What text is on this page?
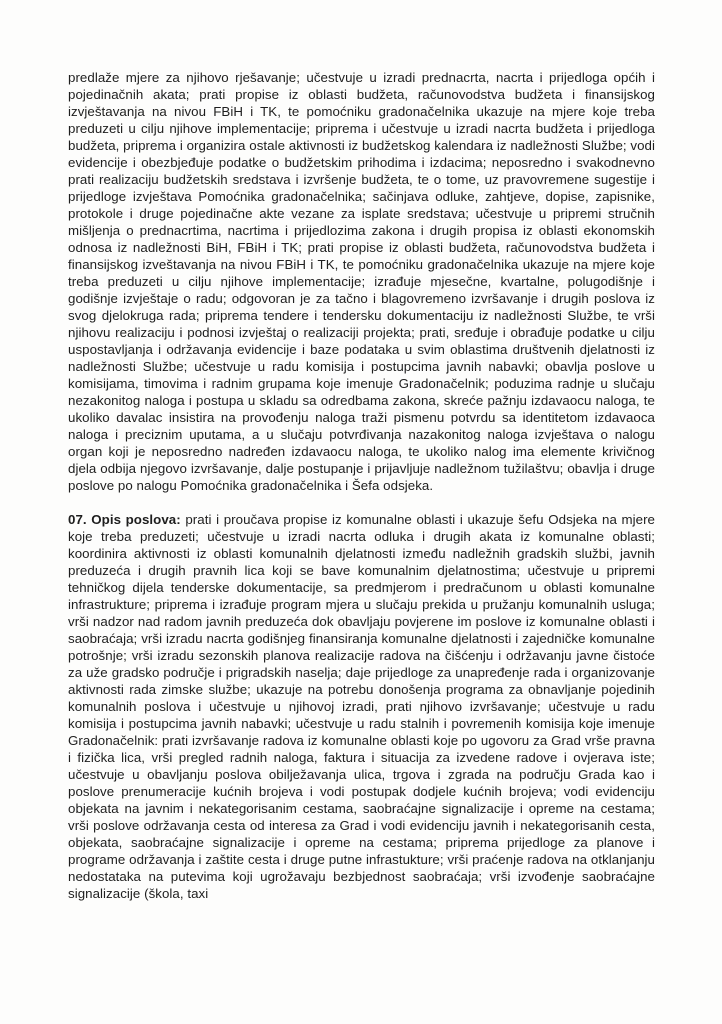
predlaže mjere za njihovo rješavanje; učestvuje u izradi prednacrta, nacrta i prijedloga općih i pojedinačnih akata; prati propise iz oblasti budžeta, računovodstva budžeta i finansijskog izvještavanja na nivou FBiH i TK, te pomoćniku gradonačelnika ukazuje na mjere koje treba preduzeti u cilju njihove implementacije; priprema i učestvuje u izradi nacrta budžeta i prijedloga budžeta, priprema i organizira ostale aktivnosti iz budžetskog kalendara iz nadležnosti Službe; vodi evidencije i obezbjeđuje podatke o budžetskim prihodima i izdacima; neposredno i svakodnevno prati realizaciju budžetskih sredstava i izvršenje budžeta, te o tome, uz pravovremene sugestije i prijedloge izvještava Pomoćnika gradonačelnika; sačinjava odluke, zahtjeve, dopise, zapisnike, protokole i druge pojedinačne akte vezane za isplate sredstava; učestvuje u pripremi stručnih mišljenja o prednacrtima, nacrtima i prijedlozima zakona i drugih propisa iz oblasti ekonomskih odnosa iz nadležnosti BiH, FBiH i TK; prati propise iz oblasti budžeta, računovodstva budžeta i finansijskog izveštavanja na nivou FBiH i TK, te pomoćniku gradonačelnika ukazuje na mjere koje treba preduzeti u cilju njihove implementacije; izrađuje mjesečne, kvartalne, polugodišnje i godišnje izvještaje o radu; odgovoran je za tačno i blagovremeno izvršavanje i drugih poslova iz svog djelokruga rada; priprema tendere i tendersku dokumentaciju iz nadležnosti Službe, te vrši njihovu realizaciju i podnosi izvještaj o realizaciji projekta; prati, sređuje i obrađuje podatke u cilju uspostavljanja i održavanja evidencije i baze podataka u svim oblastima društvenih djelatnosti iz nadležnosti Službe; učestvuje u radu komisija i postupcima javnih nabavki; obavlja poslove u komisijama, timovima i radnim grupama koje imenuje Gradonačelnik; poduzima radnje u slučaju nezakonitog naloga i postupa u skladu sa odredbama zakona, skreće pažnju izdavaocu naloga, te ukoliko davalac insistira na provođenju naloga traži pismenu potvrdu sa identitetom izdavaoca naloga i preciznim uputama, a u slučaju potvrđivanja nazakonitog naloga izvještava o nalogu organ koji je neposredno nadređen izdavaocu naloga, te ukoliko nalog ima elemente krivičnog djela odbija njegovo izvršavanje, dalje postupanje i prijavljuje nadležnom tužilaštvu; obavlja i druge poslove po nalogu Pomoćnika gradonačelnika i Šefa odsjeka.

07. Opis poslova: prati i proučava propise iz komunalne oblasti i ukazuje šefu Odsjeka na mjere koje treba preduzeti; učestvuje u izradi nacrta odluka i drugih akata iz komunalne oblasti; koordinira aktivnosti iz oblasti komunalnih djelatnosti između nadležnih gradskih službi, javnih preduzeća i drugih pravnih lica koji se bave komunalnim djelatnostima; učestvuje u pripremi tehničkog dijela tenderske dokumentacije, sa predmjerom i predračunom u oblasti komunalne infrastrukture; priprema i izrađuje program mjera u slučaju prekida u pružanju komunalnih usluga; vrši nadzor nad radom javnih preduzeća dok obavljaju povjerene im poslove iz komunalne oblasti i saobraćaja; vrši izradu nacrta godišnjeg finansiranja komunalne djelatnosti i zajedničke komunalne potrošnje; vrši izradu sezonskih planova realizacije radova na čišćenju i održavanju javne čistoće za uže gradsko područje i prigradskih naselja; daje prijedloge za unapređenje rada i organizovanje aktivnosti rada zimske službe; ukazuje na potrebu donošenja programa za obnavljanje pojedinih komunalnih poslova i učestvuje u njihovoj izradi, prati njihovo izvršavanje; učestvuje u radu komisija i postupcima javnih nabavki; učestvuje u radu stalnih i povremenih komisija koje imenuje Gradonačelnik: prati izvršavanje radova iz komunalne oblasti koje po ugovoru za Grad vrše pravna i fizička lica, vrši pregled radnih naloga, faktura i situacija za izvedene radove i ovjerava iste; učestvuje u obavljanju poslova obilježavanja ulica, trgova i zgrada na području Grada kao i poslove prenumeracije kućnih brojeva i vodi postupak dodjele kućnih brojeva; vodi evidenciju objekata na javnim i nekategorisanim cestama, saobraćajne signalizacije i opreme na cestama; vrši poslove održavanja cesta od interesa za Grad i vodi evidenciju javnih i nekategorisanih cesta, objekata, saobraćajne signalizacije i opreme na cestama; priprema prijedloge za planove i programe održavanja i zaštite cesta i druge putne infrastukture; vrši praćenje radova na otklanjanju nedostataka na putevima koji ugrožavaju bezbjednost saobraćaja; vrši izvođenje saobraćajne signalizacije (škola, taxi
